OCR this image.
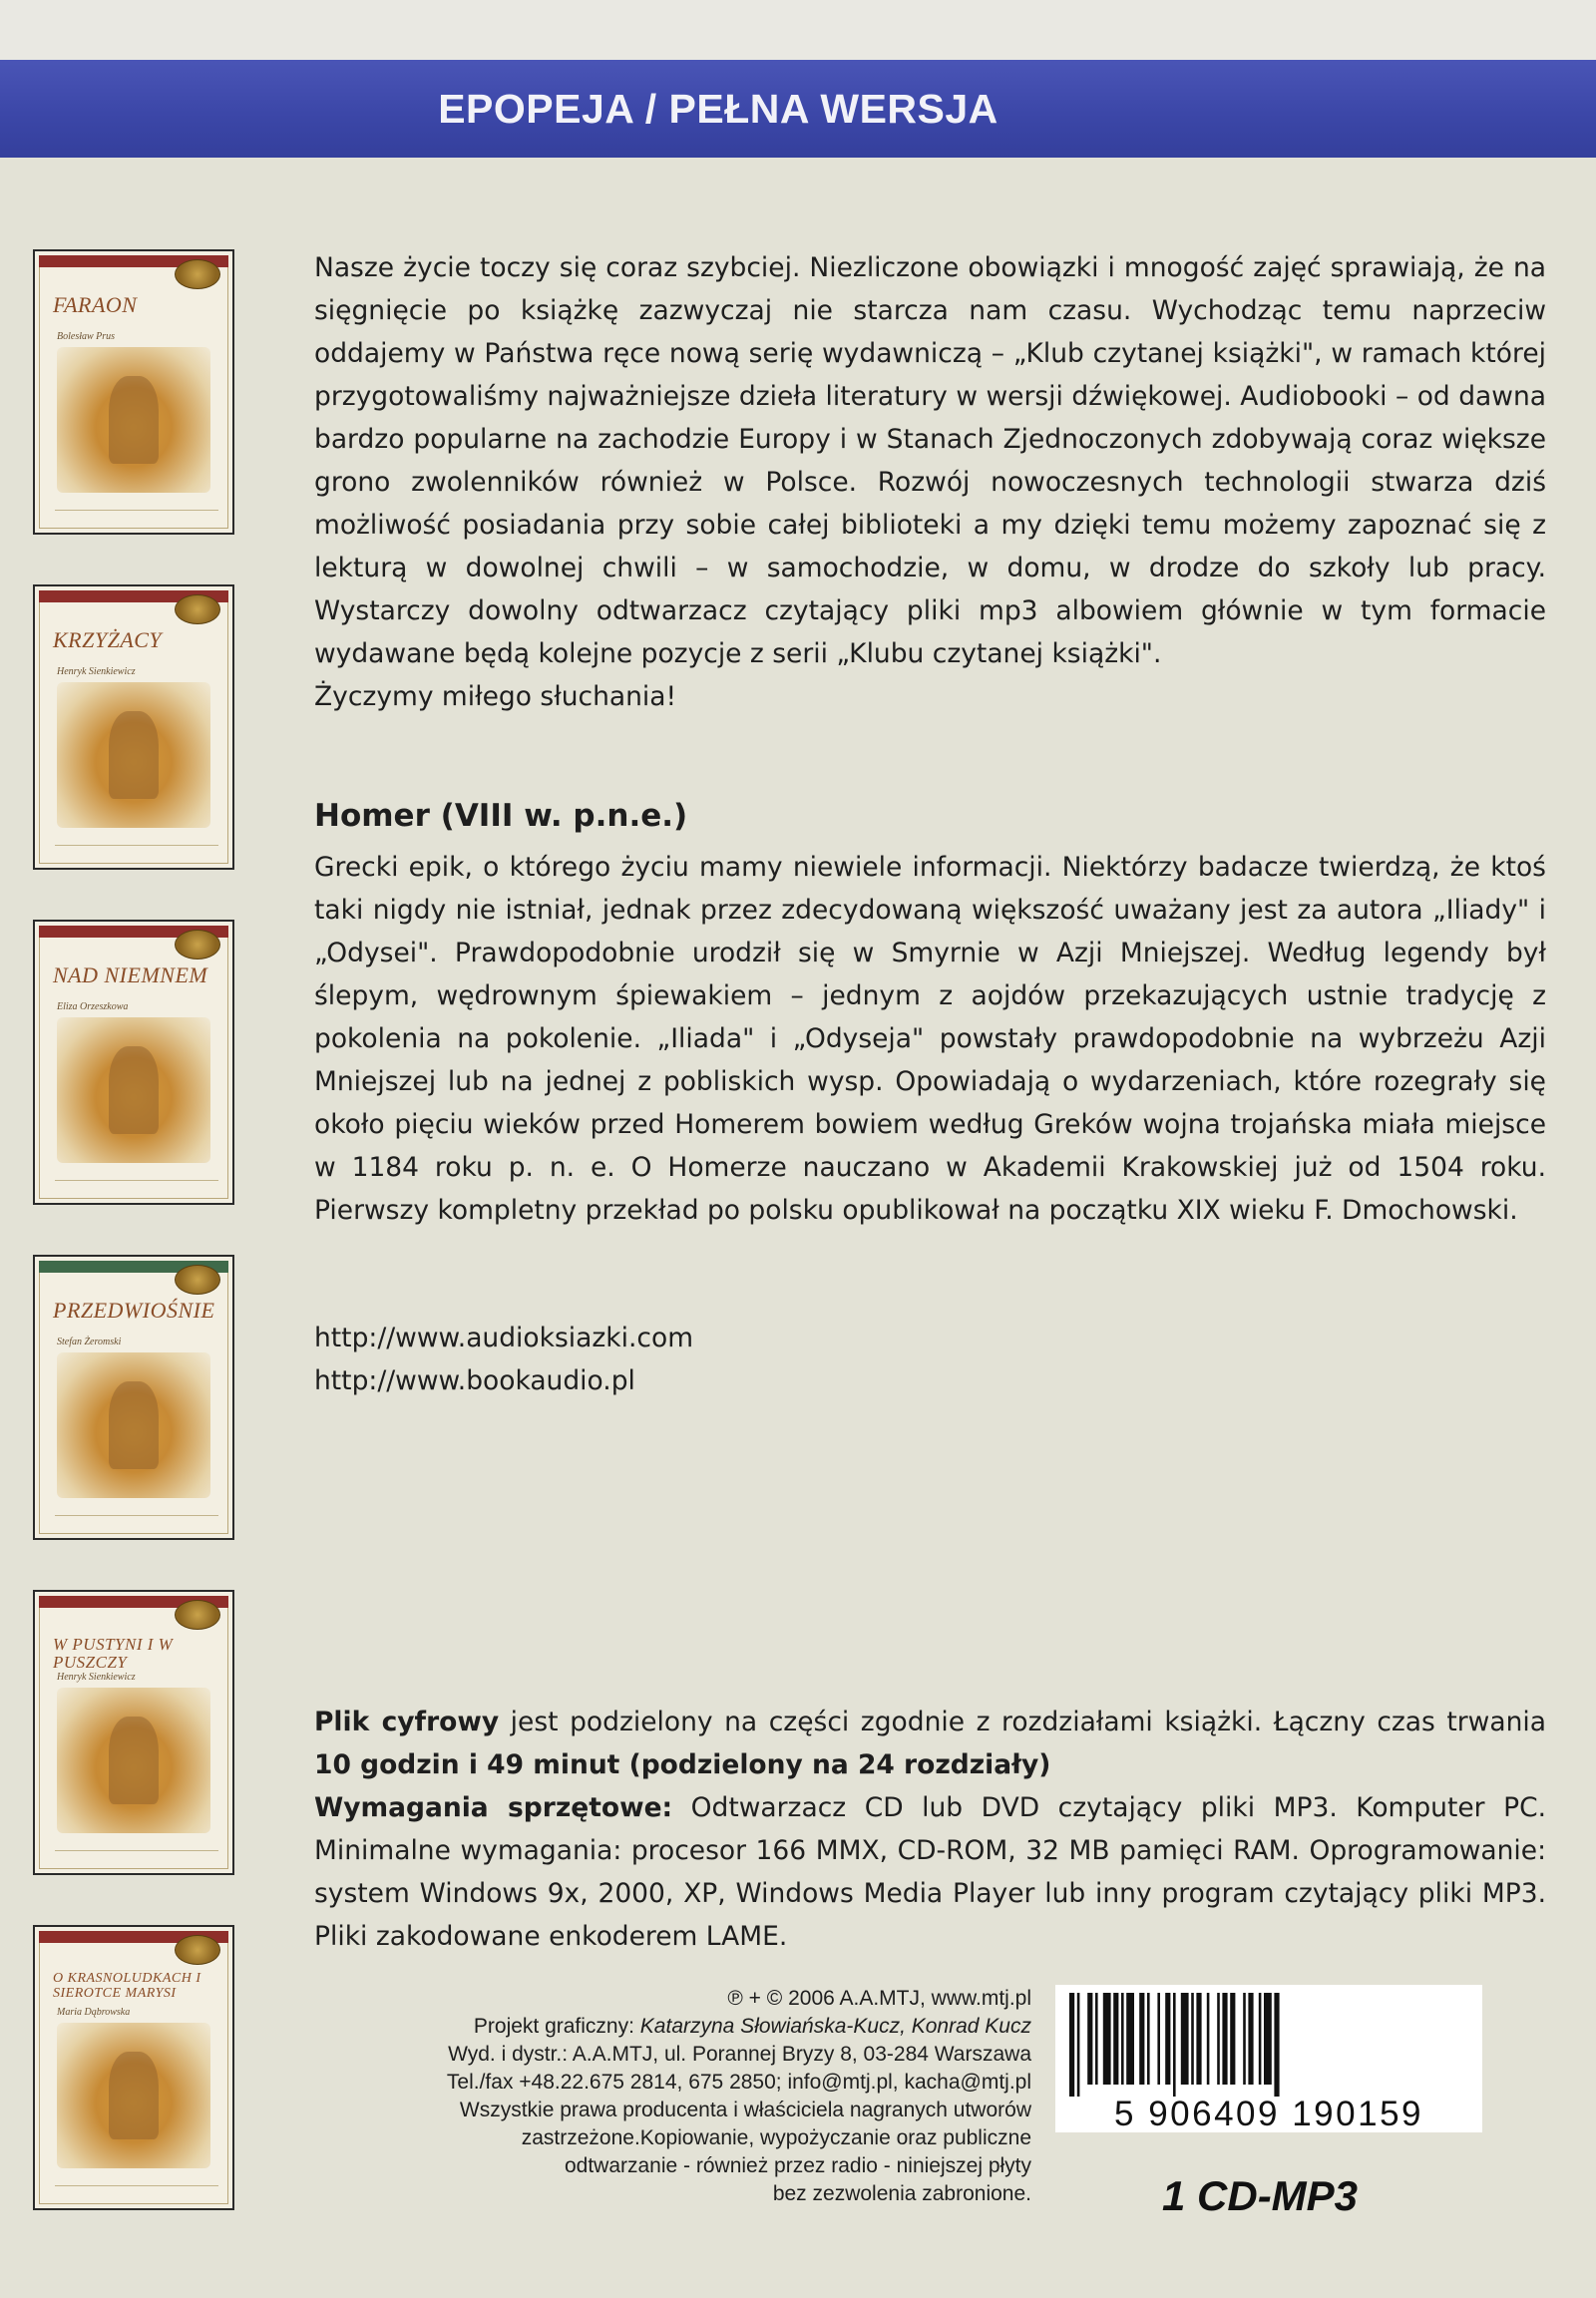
EPOPEJA / PEŁNA WERSJA
FARAON
Bolesław Prus
KRZYŻACY
Henryk Sienkiewicz
NAD NIEMNEM
Eliza Orzeszkowa
PRZEDWIOŚNIE
Stefan Żeromski
W PUSTYNI I W PUSZCZY
Henryk Sienkiewicz
O KRASNOLUDKACH I SIEROTCE MARYSI
Maria Dąbrowska

Nasze życie toczy się coraz szybciej. Niezliczone obowiązki i mnogość zajęć sprawiają, że na sięgnięcie po książkę zazwyczaj nie starcza nam czasu. Wychodząc temu naprzeciw oddajemy w Państwa ręce nową serię wydawniczą – „Klub czytanej książki", w ramach której przygotowaliśmy najważniejsze dzieła literatury w wersji dźwiękowej. Audiobooki – od dawna bardzo popularne na zachodzie Europy i w Stanach Zjednoczonych zdobywają coraz większe grono zwolenników również w Polsce. Rozwój nowoczesnych technologii stwarza dziś możliwość posiadania przy sobie całej biblioteki a my dzięki temu możemy zapoznać się z lekturą w dowolnej chwili – w samochodzie, w domu, w drodze do szkoły lub pracy. Wystarczy dowolny odtwarzacz czytający pliki mp3 albowiem głównie w tym formacie wydawane będą kolejne pozycje z serii „Klubu czytanej książki".

Życzymy miłego słuchania!

Homer (VIII w. p.n.e.)

Grecki epik, o którego życiu mamy niewiele informacji. Niektórzy badacze twierdzą, że ktoś taki nigdy nie istniał, jednak przez zdecydowaną większość uważany jest za autora „Iliady" i „Odysei". Prawdopodobnie urodził się w Smyrnie w Azji Mniejszej. Według legendy był ślepym, wędrownym śpiewakiem – jednym z aojdów przekazujących ustnie tradycję z pokolenia na pokolenie. „Iliada" i „Odyseja" powstały prawdopodobnie na wybrzeżu Azji Mniejszej lub na jednej z pobliskich wysp. Opowiadają o wydarzeniach, które rozegrały się około pięciu wieków przed Homerem bowiem według Greków wojna trojańska miała miejsce w 1184 roku p. n. e. O Homerze nauczano w Akademii Krakowskiej już od 1504 roku. Pierwszy kompletny przekład po polsku opublikował na początku XIX wieku F. Dmochowski.

http://www.audioksiazki.com
http://www.bookaudio.pl

Plik cyfrowy jest podzielony na części zgodnie z rozdziałami książki. Łączny czas trwania 10 godzin i 49 minut (podzielony na 24 rozdziały)
Wymagania sprzętowe: Odtwarzacz CD lub DVD czytający pliki MP3. Komputer PC. Minimalne wymagania: procesor 166 MMX, CD-ROM, 32 MB pamięci RAM. Oprogramowanie: system Windows 9x, 2000, XP, Windows Media Player lub inny program czytający pliki MP3. Pliki zakodowane enkoderem LAME.

℗ + © 2006 A.A.MTJ, www.mtj.pl
Projekt graficzny: Katarzyna Słowiańska-Kucz, Konrad Kucz
Wyd. i dystr.: A.A.MTJ, ul. Porannej Bryzy 8, 03-284 Warszawa
Tel./fax +48.22.675 2814, 675 2850; info@mtj.pl, kacha@mtj.pl
Wszystkie prawa producenta i właściciela nagranych utworów
zastrzeżone.Kopiowanie, wypożyczanie oraz publiczne
odtwarzanie - również przez radio - niniejszej płyty
bez zezwolenia zabronione.
5 906409 190159
1 CD-MP3
